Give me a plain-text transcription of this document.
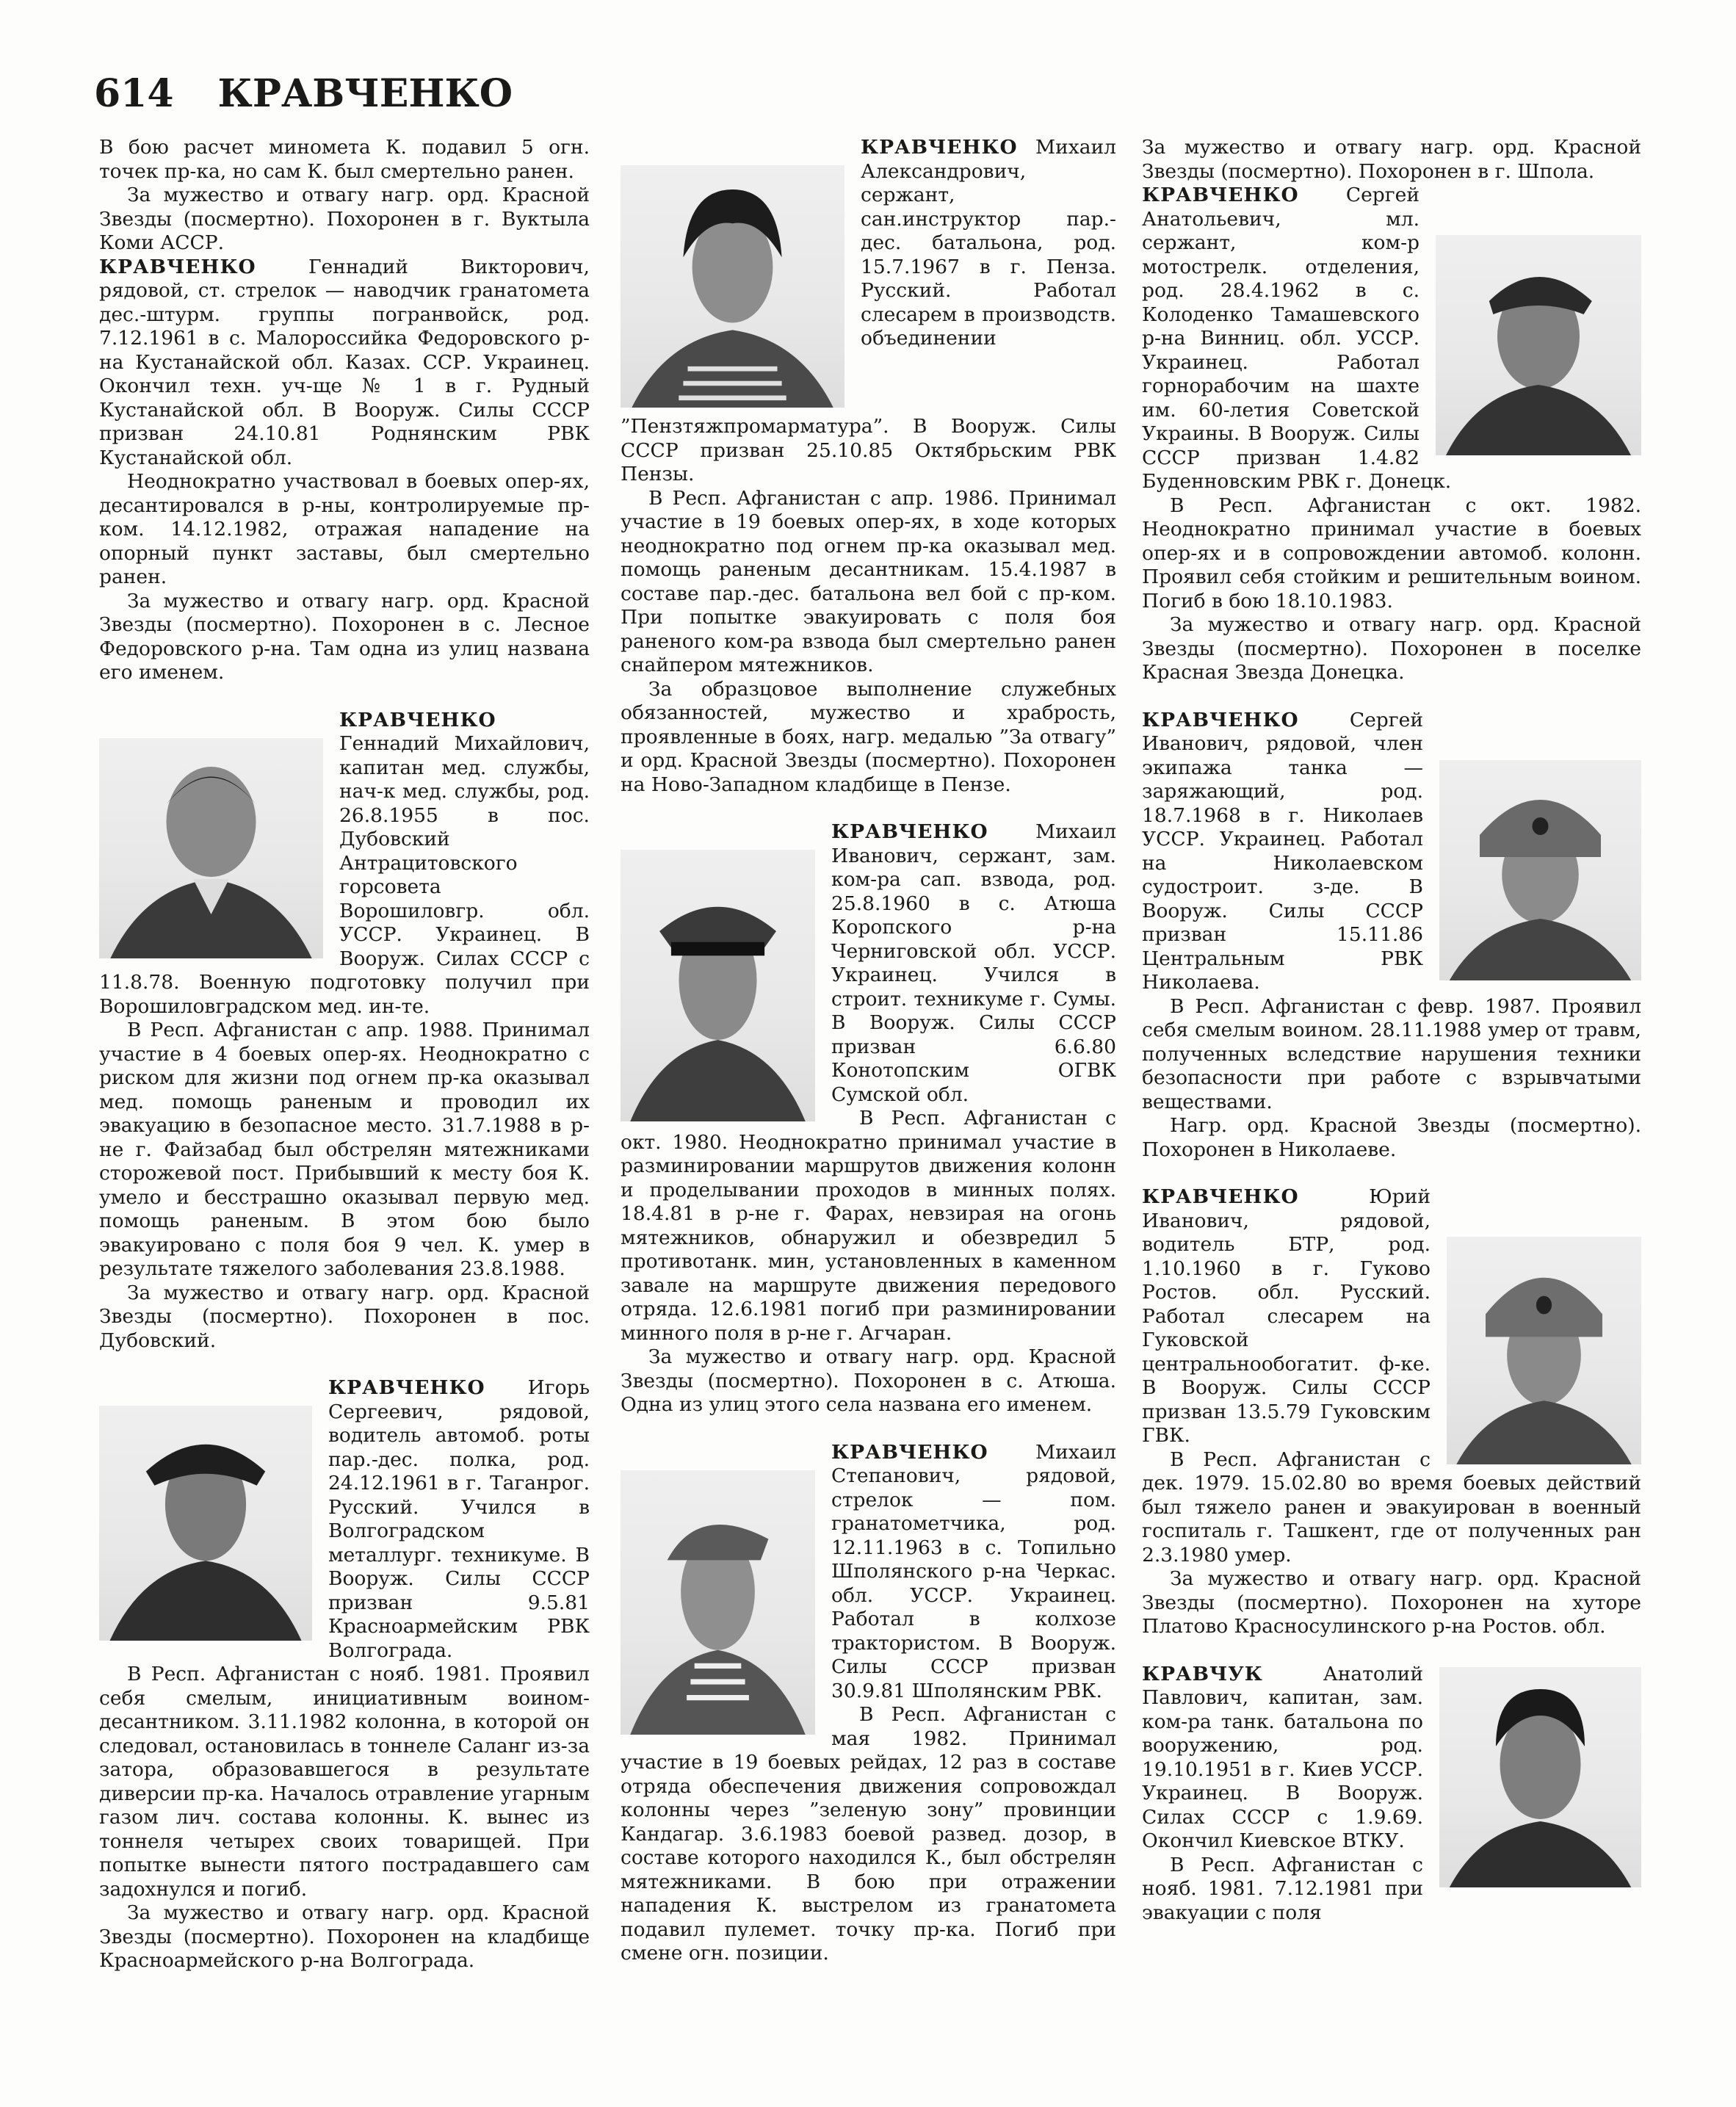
614 КРАВЧЕНКО

В бою расчет миномета К. подавил 5 огн. точек пр-ка, но сам К. был смертельно ранен.

За мужество и отвагу нагр. орд. Красной Звезды (посмертно). Похоронен в г. Вуктыла Коми АССР.

КРАВЧЕНКО	Геннадий Викторович, рядовой, ст. стрелок — наводчик гранатомета дес.-штурм. группы погранвойск, род. 7.12.1961 в с. Малороссийка Федоровского р-на Кустанайской обл. Казах. ССР. Украинец. Окончил техн. уч-ще № 1 в г. Рудный Кустанайской обл. В Вооруж. Силы СССР призван 24.10.81 Роднянским РВК Кустанайской обл.

Неоднократно участвовал в боевых опер-ях, десантировался в р-ны, контролируемые пр-ком. 14.12.1982, отражая нападение на опорный пункт заставы, был смертельно ранен.

За мужество и отвагу нагр. орд. Красной Звезды (посмертно). Похоронен в с. Лесное Федоровского р-на. Там одна из улиц названа его именем.

КРАВЧЕНКО Геннадий Михайлович, капитан мед. службы, нач-к мед. службы, род. 26.8.1955 в пос. Дубовский Антрацитовского горсовета Ворошиловгр. обл. УССР. Украинец. В Вооруж. Силах СССР с 11.8.78. Военную подготовку получил при Ворошиловградском мед. ин-те.

В Респ. Афганистан с апр. 1988. Принимал участие в 4 боевых опер-ях. Неоднократно с риском для жизни под огнем пр-ка оказывал мед. помощь раненым и проводил их эвакуацию в безопасное место. 31.7.1988 в р-не г. Файзабад был обстрелян мятежниками сторожевой пост. Прибывший к месту боя К. умело и бесстрашно оказывал первую мед. помощь раненым. В этом бою было эвакуировано с поля боя 9 чел. К. умер в результате тяжелого заболевания 23.8.1988.

За мужество и отвагу нагр. орд. Красной Звезды (посмертно). Похоронен в пос. Дубовский.

КРАВЧЕНКО Игорь Сергеевич, рядовой, водитель автомоб. роты пар.-дес. полка, род. 24.12.1961 в г. Таганрог. Русский. Учился в Волгоградском металлург. техникуме. В Вооруж. Силы СССР призван 9.5.81 Красноармейским РВК Волгограда.

В Респ. Афганистан с нояб. 1981. Проявил себя смелым, инициативным воином-десантником. 3.11.1982 колонна, в которой он следовал, остановилась в тоннеле Саланг из-за затора, образовавшегося в результате диверсии пр-ка. Началось отравление угарным газом лич. состава колонны. К. вынес из тоннеля четырех своих товарищей. При попытке вынести пятого пострадавшего сам задохнулся и погиб.

За мужество и отвагу нагр. орд. Красной Звезды (посмертно). Похоронен на кладбище Красноармейского р-на Волгограда.

КРАВЧЕНКО Михаил Александрович, сержант, сан.инструктор пар.-дес. батальона, род. 15.7.1967 в г. Пенза. Русский. Работал слесарем в производств. объединении ”Пензтяжпромарматура”. В Вооруж. Силы СССР призван 25.10.85 Октябрьским РВК Пензы.

В Респ. Афганистан с апр. 1986. Принимал участие в 19 боевых опер-ях, в ходе которых неоднократно под огнем пр-ка оказывал мед. помощь раненым десантникам. 15.4.1987 в составе пар.-дес. батальона вел бой с пр-ком. При попытке эвакуировать с поля боя раненого ком-ра взвода был смертельно ранен снайпером мятежников.

За образцовое выполнение служебных обязанностей, мужество и храбрость, проявленные в боях, нагр. медалью ”За отвагу” и орд. Красной Звезды (посмертно). Похоронен на Ново-Западном кладбище в Пензе.

КРАВЧЕНКО Михаил Иванович, сержант, зам. ком-ра сап. взвода, род. 25.8.1960 в с. Атюша Коропского р-на Черниговской обл. УССР. Украинец. Учился в строит. техникуме г. Сумы. В Вооруж. Силы СССР призван 6.6.80 Конотопским ОГВК Сумской обл.

В Респ. Афганистан с окт. 1980. Неоднократно принимал участие в разминировании маршрутов движения колонн и проделывании проходов в минных полях. 18.4.81 в р-не г. Фарах, невзирая на огонь мятежников, обнаружил и обезвредил 5 противотанк. мин, установленных в каменном завале на маршруте движения передового отряда. 12.6.1981 погиб при разминировании минного поля в р-не г. Агчаран.

За мужество и отвагу нагр. орд. Красной Звезды (посмертно). Похоронен в с. Атюша. Одна из улиц этого села названа его именем.

КРАВЧЕНКО Михаил Степанович, рядовой, стрелок — пом. гранатометчика, род. 12.11.1963 в с. Топильно Шполянского р-на Черкас. обл. УССР. Украинец. Работал в колхозе трактористом. В Вооруж. Силы СССР призван 30.9.81 Шполянским РВК.

В Респ. Афганистан с мая 1982. Принимал участие в 19 боевых рейдах, 12 раз в составе отряда обеспечения движения сопровождал колонны через ”зеленую зону” провинции Кандагар. 3.6.1983 боевой развед. дозор, в составе которого находился К., был обстрелян мятежниками. В бою при отражении нападения К. выстрелом из гранатомета подавил пулемет. точку пр-ка. Погиб при смене огн. позиции.

За мужество и отвагу нагр. орд. Красной Звезды (посмертно). Похоронен в г. Шпола.

КРАВЧЕНКО Сергей Анатольевич, мл. сержант, ком-р мотострелк. отделения, род. 28.4.1962 в с. Колоденко Тамашевского р-на Винниц. обл. УССР. Украинец. Работал горнорабочим на шахте им. 60-летия Советской Украины. В Вооруж. Силы СССР призван 1.4.82 Буденновским РВК г. Донецк.

В Респ. Афганистан с окт. 1982. Неоднократно принимал участие в боевых опер-ях и в сопровождении автомоб. колонн. Проявил себя стойким и решительным воином. Погиб в бою 18.10.1983.

За мужество и отвагу нагр. орд. Красной Звезды (посмертно). Похоронен в поселке Красная Звезда Донецка.

КРАВЧЕНКО	Сергей Иванович, рядовой, член экипажа танка — заряжающий, род. 18.7.1968 в г. Николаев УССР. Украинец. Работал на Николаевском судостроит. з-де. В Вооруж. Силы СССР призван 15.11.86 Центральным РВК Николаева.

В Респ. Афганистан с февр. 1987. Проявил себя смелым воином. 28.11.1988 умер от травм, полученных вследствие нарушения техники безопасности при работе с взрывчатыми веществами.

Нагр. орд. Красной Звезды (посмертно). Похоронен в Николаеве.

КРАВЧЕНКО	Юрий Иванович, рядовой, водитель БТР, род. 1.10.1960 в г. Гуково Ростов. обл. Русский. Работал слесарем на Гуковской центральнообогатит. ф-ке. В Вооруж. Силы СССР призван 13.5.79 Гуковским ГВК.

В Респ. Афганистан с дек. 1979. 15.02.80 во время боевых действий был тяжело ранен и эвакуирован в военный госпиталь г. Ташкент, где от полученных ран 2.3.1980 умер.

За мужество и отвагу нагр. орд. Красной Звезды (посмертно). Похоронен на хуторе Платово Красносулинского р-на Ростов. обл.

КРАВЧУК	Анатолий Павлович, капитан, зам. ком-ра танк. батальона по вооружению, род. 19.10.1951 в г. Киев УССР. Украинец. В Вооруж. Силах СССР с 1.9.69. Окончил Киевское ВТКУ.

В Респ. Афганистан с нояб. 1981. 7.12.1981 при эвакуации с поля
